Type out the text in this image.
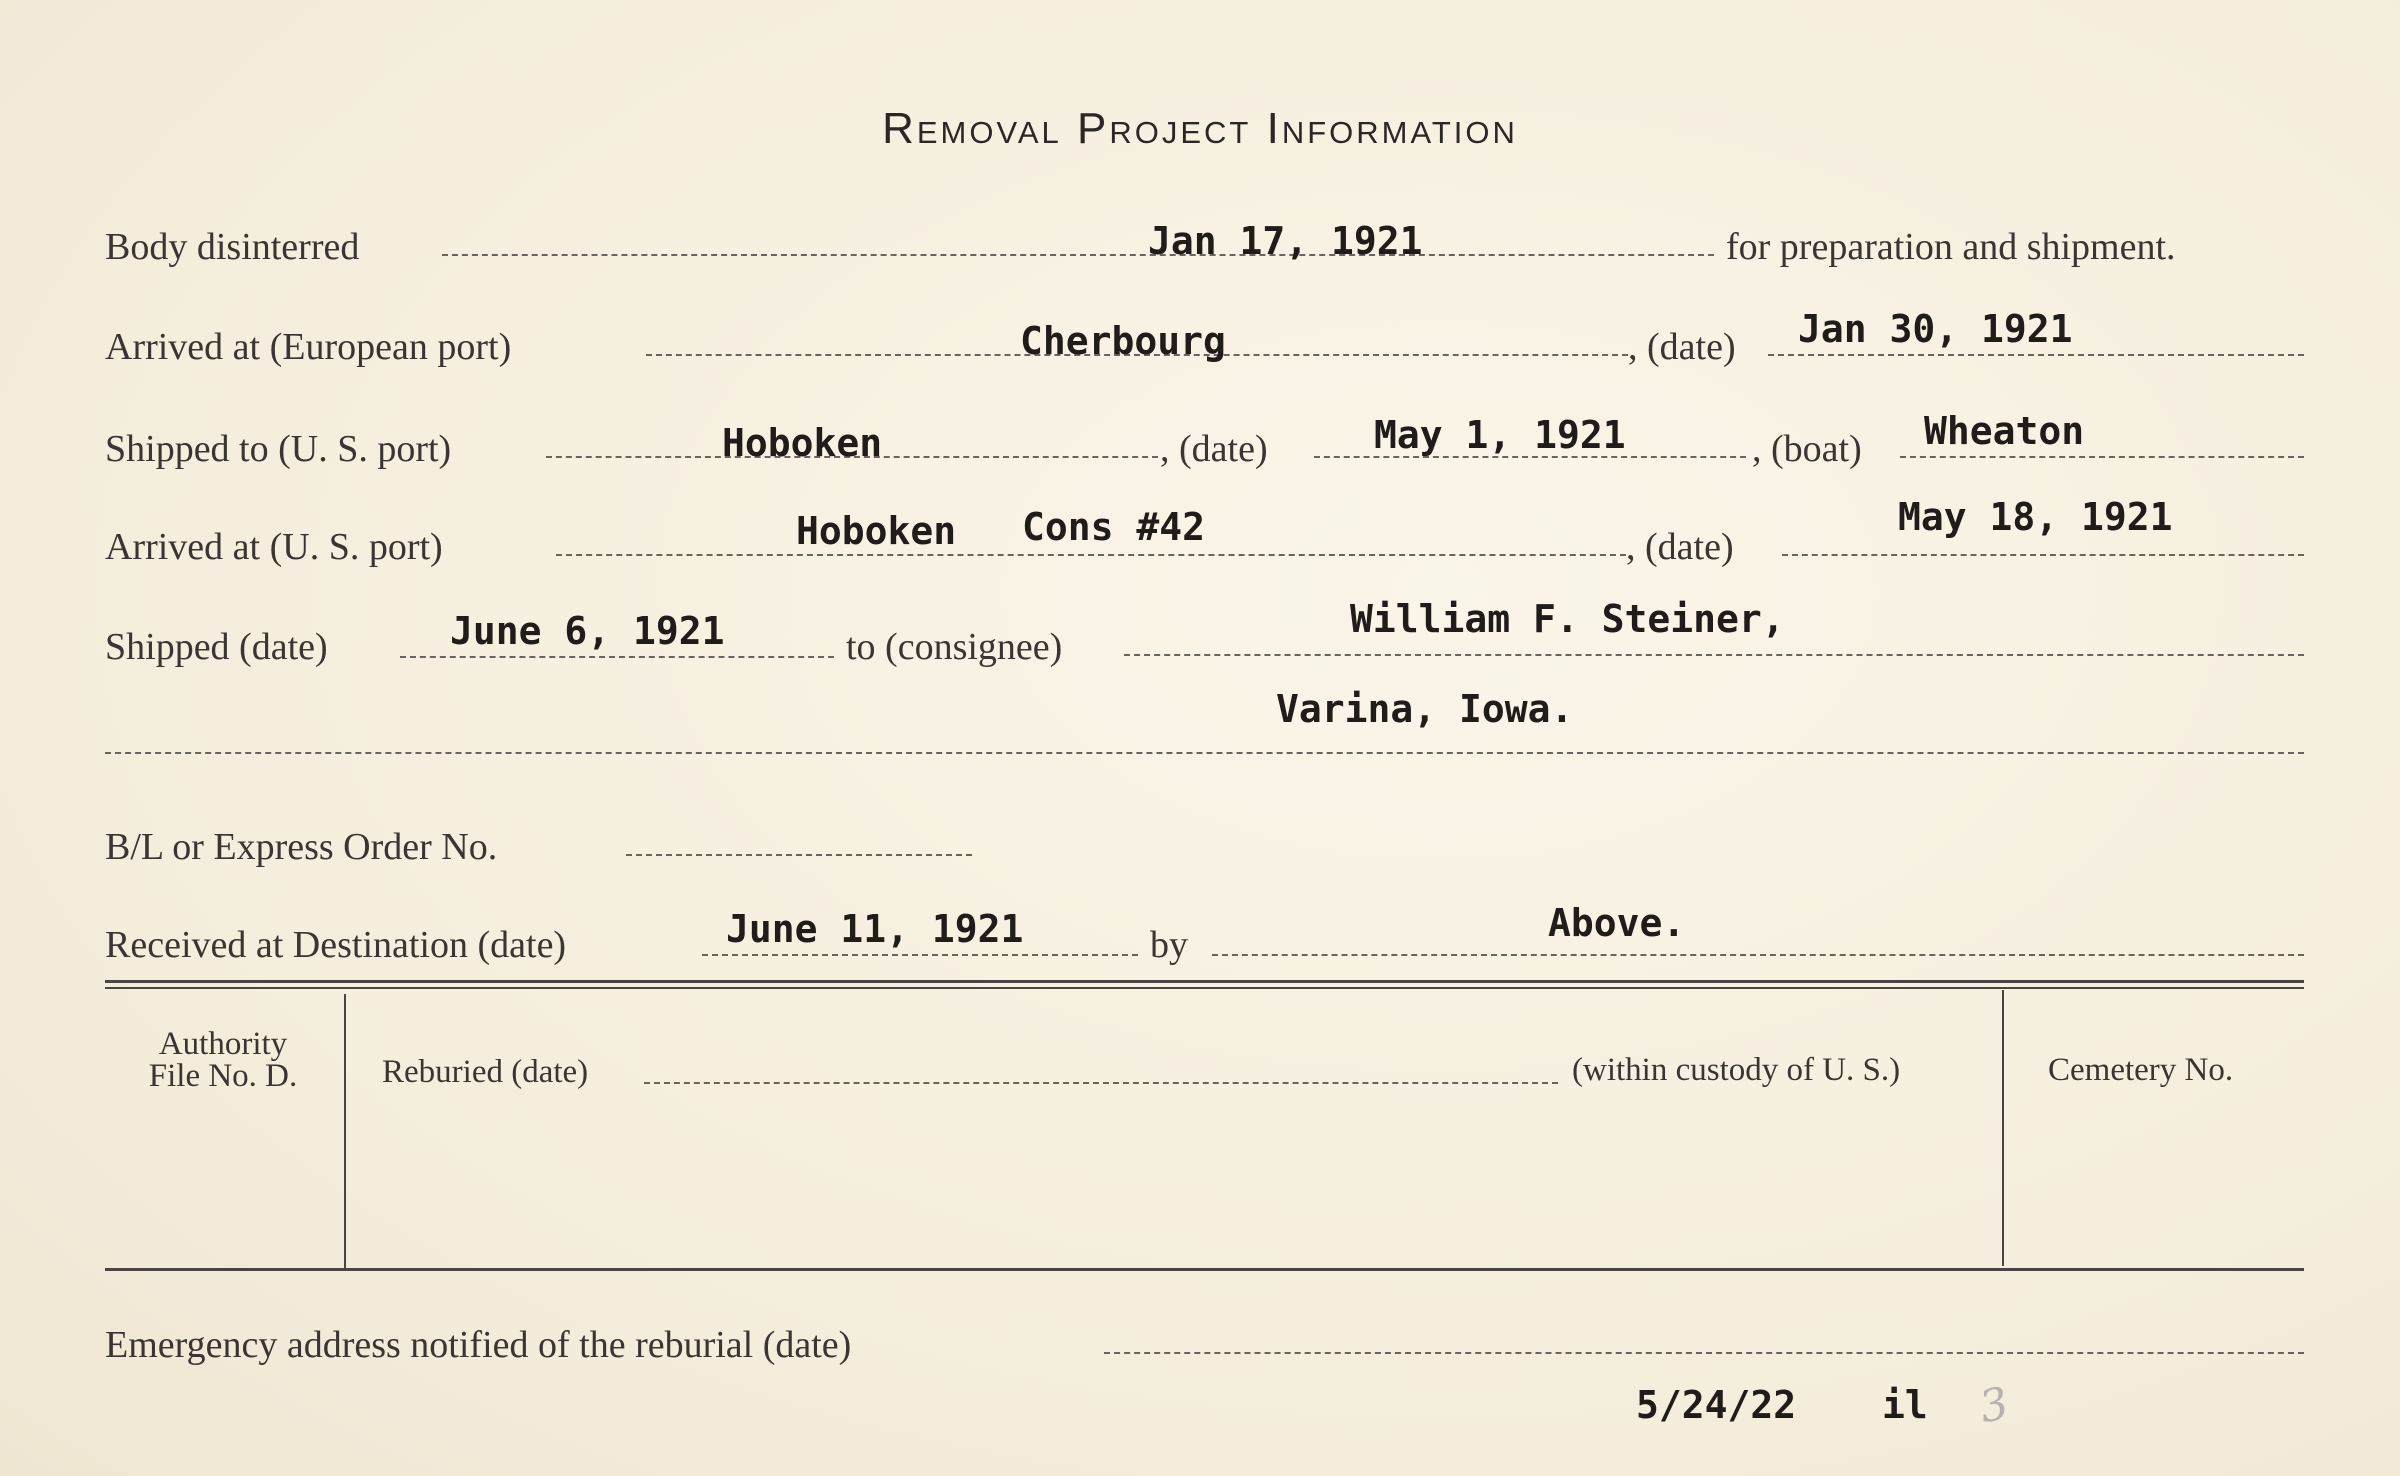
Removal Project Information
Body disinterred	Jan 17, 1921	for preparation and shipment.
Arrived at (European port)	Cherbourg	, (date) Jan 30, 1921
Shipped to (U. S. port)	Hoboken	, (date)	May 1, 1921	, (boat) Wheaton
Arrived at (U. S. port)	Hoboken Cons #42	, (date)
May 18, 1921
Shipped (date)	June 6, 1921	to (consignee)
William F. Steiner,
Varina, Iowa.
B/L or Express Order No.
Received at Destination (date)	June 11, 1921	by	Above.
Authority
File No. D.	Reburied (date)	(within custody of U. S.)	Cemetery No.
Emergency address notified of the reburial (date)
5/24/22 il 3
